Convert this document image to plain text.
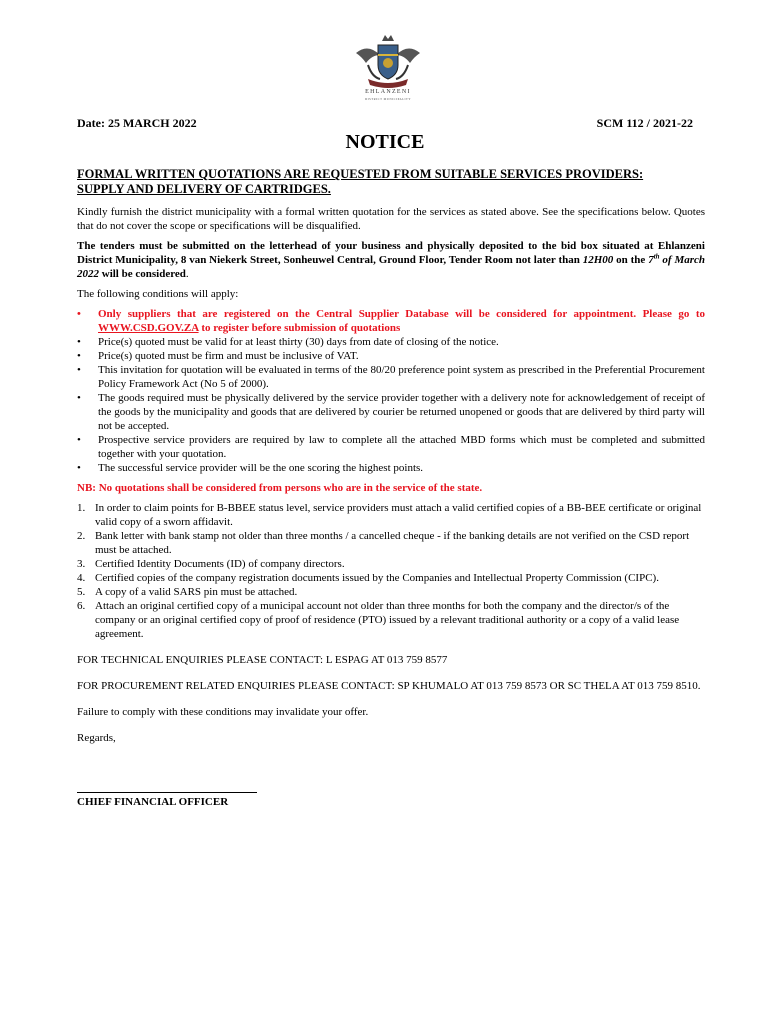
EHLANZENI
DISTRICT MUNICIPALITY
Date: 25 MARCH 2022	SCM 112 / 2021-22
NOTICE
FORMAL WRITTEN QUOTATIONS ARE REQUESTED FROM SUITABLE SERVICES PROVIDERS:
SUPPLY AND DELIVERY OF CARTRIDGES.

Kindly furnish the district municipality with a formal written quotation for the services as stated above. See the specifications below. Quotes that do not cover the scope or specifications will be disqualified.

The tenders must be submitted on the letterhead of your business and physically deposited to the bid box situated at Ehlanzeni District Municipality, 8 van Niekerk Street, Sonheuwel Central, Ground Floor, Tender Room not later than 12H00 on the 7th of March 2022 will be considered.

The following conditions will apply:

• Only suppliers that are registered on the Central Supplier Database will be considered for appointment. Please go to WWW.CSD.GOV.ZA to register before submission of quotations
• Price(s) quoted must be valid for at least thirty (30) days from date of closing of the notice.
• Price(s) quoted must be firm and must be inclusive of VAT.
• This invitation for quotation will be evaluated in terms of the 80/20 preference point system as prescribed in the Preferential Procurement Policy Framework Act (No 5 of 2000).
• The goods required must be physically delivered by the service provider together with a delivery note for acknowledgement of receipt of the goods by the municipality and goods that are delivered by courier be returned unopened or goods that are delivered by third party will not be accepted.
• Prospective service providers are required by law to complete all the attached MBD forms which must be completed and submitted together with your quotation.
• The successful service provider will be the one scoring the highest points.

NB: No quotations shall be considered from persons who are in the service of the state.

1. In order to claim points for B-BBEE status level, service providers must attach a valid certified copies of a BB-BEE certificate or original valid copy of a sworn affidavit.
2. Bank letter with bank stamp not older than three months / a cancelled cheque - if the banking details are not verified on the CSD report must be attached.
3. Certified Identity Documents (ID) of company directors.
4. Certified copies of the company registration documents issued by the Companies and Intellectual Property Commission (CIPC).
5. A copy of a valid SARS pin must be attached.
6. Attach an original certified copy of a municipal account not older than three months for both the company and the director/s of the company or an original certified copy of proof of residence (PTO) issued by a relevant traditional authority or a copy of a valid lease agreement.

FOR TECHNICAL ENQUIRIES PLEASE CONTACT: L ESPAG AT 013 759 8577

FOR PROCUREMENT RELATED ENQUIRIES PLEASE CONTACT: SP KHUMALO AT 013 759 8573 OR SC THELA AT 013 759 8510.

Failure to comply with these conditions may invalidate your offer.

Regards,

CHIEF FINANCIAL OFFICER
